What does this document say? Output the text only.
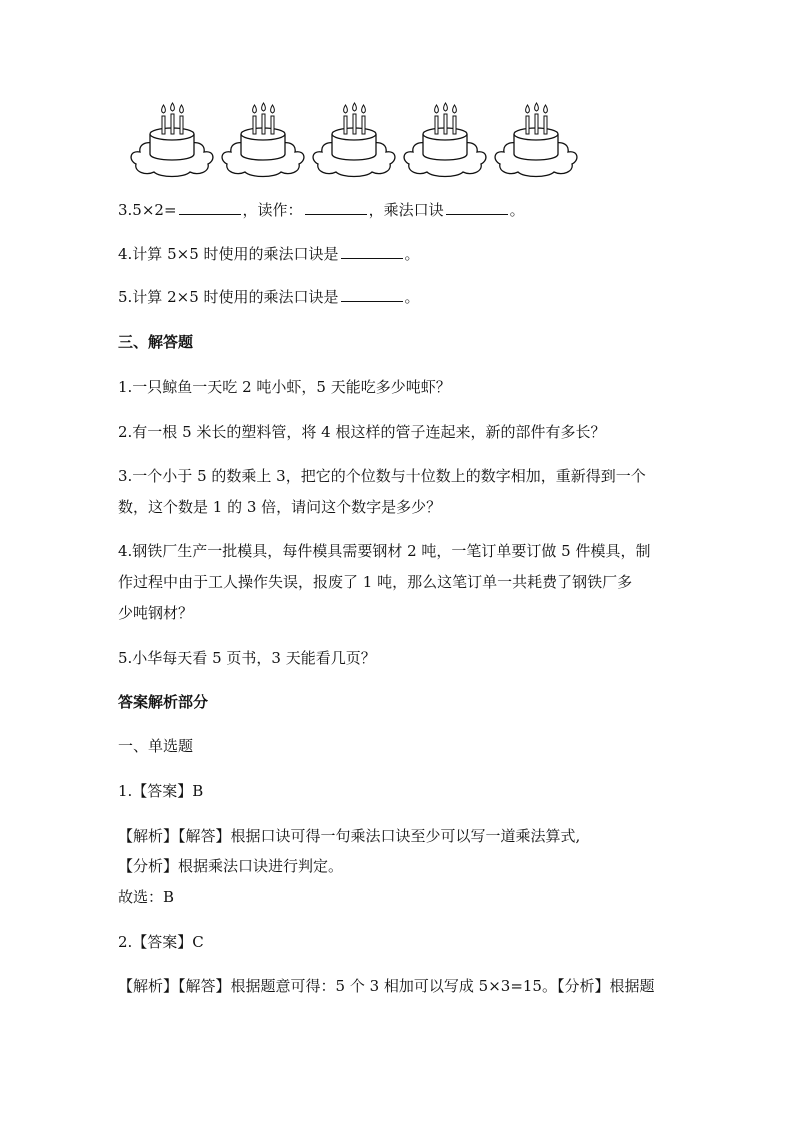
3.5×2=	，读作：	，乘法口诀	。
4.计算 5×5 时使用的乘法口诀是	。
5.计算 2×5 时使用的乘法口诀是	。
三、解答题
1.一只鲸鱼一天吃 2 吨小虾，5 天能吃多少吨虾？
2.有一根 5 米长的塑料管，将 4 根这样的管子连起来，新的部件有多长？
3.一个小于 5 的数乘上 3，把它的个位数与十位数上的数字相加，重新得到一个
数，这个数是 1 的 3 倍，请问这个数字是多少？
4.钢铁厂生产一批模具，每件模具需要钢材 2 吨，一笔订单要订做 5 件模具，制
作过程中由于工人操作失误，报废了 1 吨，那么这笔订单一共耗费了钢铁厂多
少吨钢材？
5.小华每天看 5 页书，3 天能看几页？
答案解析部分
一、单选题
1.【答案】B
【解析】【解答】根据口诀可得一句乘法口诀至少可以写一道乘法算式,
【分析】根据乘法口诀进行判定。
故选：B
2.【答案】C
【解析】【解答】根据题意可得：5 个 3 相加可以写成 5×3=15。【分析】根据题
